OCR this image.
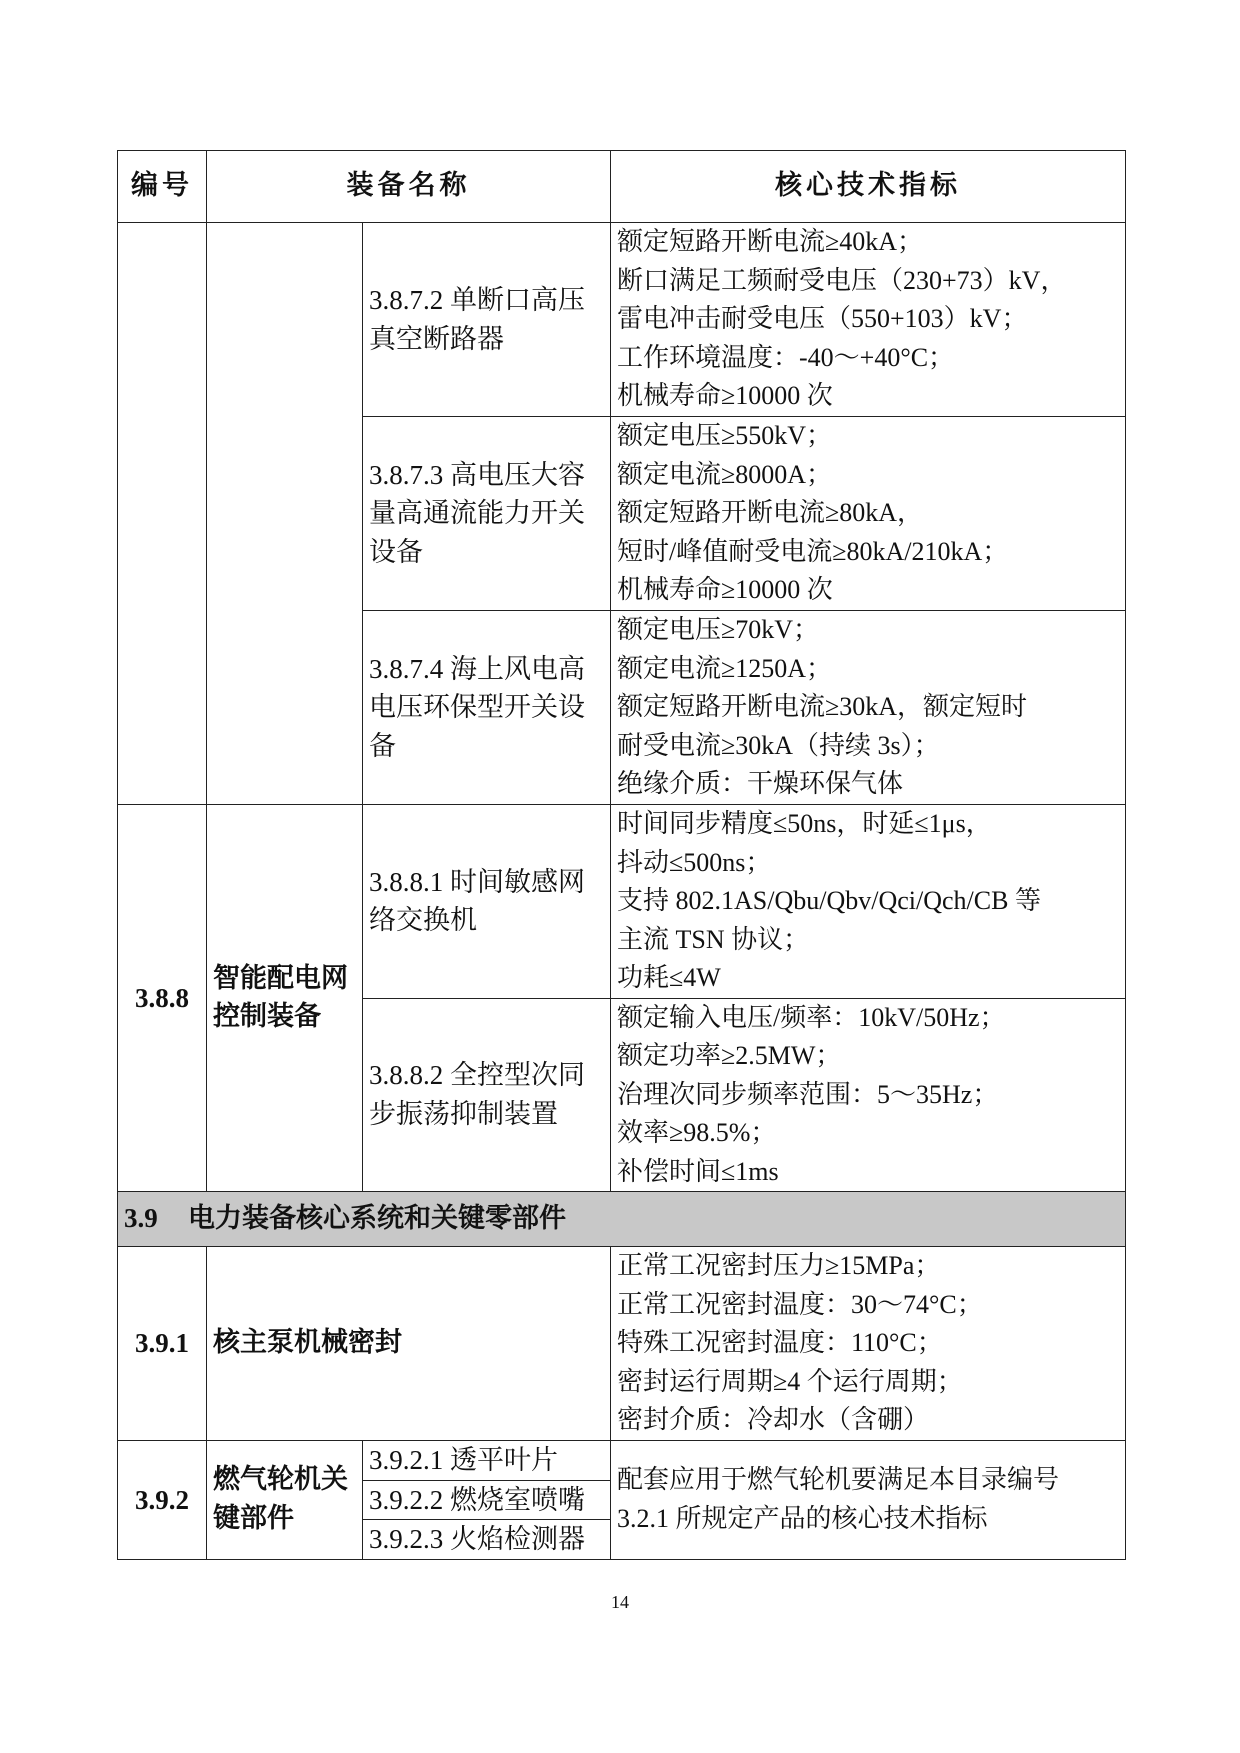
编号	装备名称		核心技术指标
		3.8.7.2 单断口高压真空断路器	额定短路开断电流≥40kA；
断口满足工频耐受电压（230+73）kV，
雷电冲击耐受电压（550+103）kV；
工作环境温度：-40～+40°C；
机械寿命≥10000 次

		3.8.7.3 高电压大容量高通流能力开关设备	额定电压≥550kV；
额定电流≥8000A；
额定短路开断电流≥80kA，
短时/峰值耐受电流≥80kA/210kA；
机械寿命≥10000 次

		3.8.7.4 海上风电高电压环保型开关设备	额定电压≥70kV；
额定电流≥1250A；
额定短路开断电流≥30kA，额定短时
耐受电流≥30kA（持续 3s）；
绝缘介质：干燥环保气体

3.8.8	智能配电网控制装备	3.8.8.1 时间敏感网络交换机	时间同步精度≤50ns，时延≤1μs，
抖动≤500ns；
支持 802.1AS/Qbu/Qbv/Qci/Qch/CB 等
主流 TSN 协议；
功耗≤4W

		3.8.8.2 全控型次同步振荡抑制装置	额定输入电压/频率：10kV/50Hz；
额定功率≥2.5MW；
治理次同步频率范围：5～35Hz；
效率≥98.5%；
补偿时间≤1ms

3.9 电力装备核心系统和关键零部件			
3.9.1	核主泵机械密封		正常工况密封压力≥15MPa；
正常工况密封温度：30～74°C；
特殊工况密封温度：110°C；
密封运行周期≥4 个运行周期；
密封介质：冷却水（含硼）

3.9.2	燃气轮机关键部件	3.9.2.1 透平叶片	配套应用于燃气轮机要满足本目录编号
3.2.1 所规定产品的核心技术指标

		3.9.2.2 燃烧室喷嘴	
		3.9.2.3 火焰检测器	
14
